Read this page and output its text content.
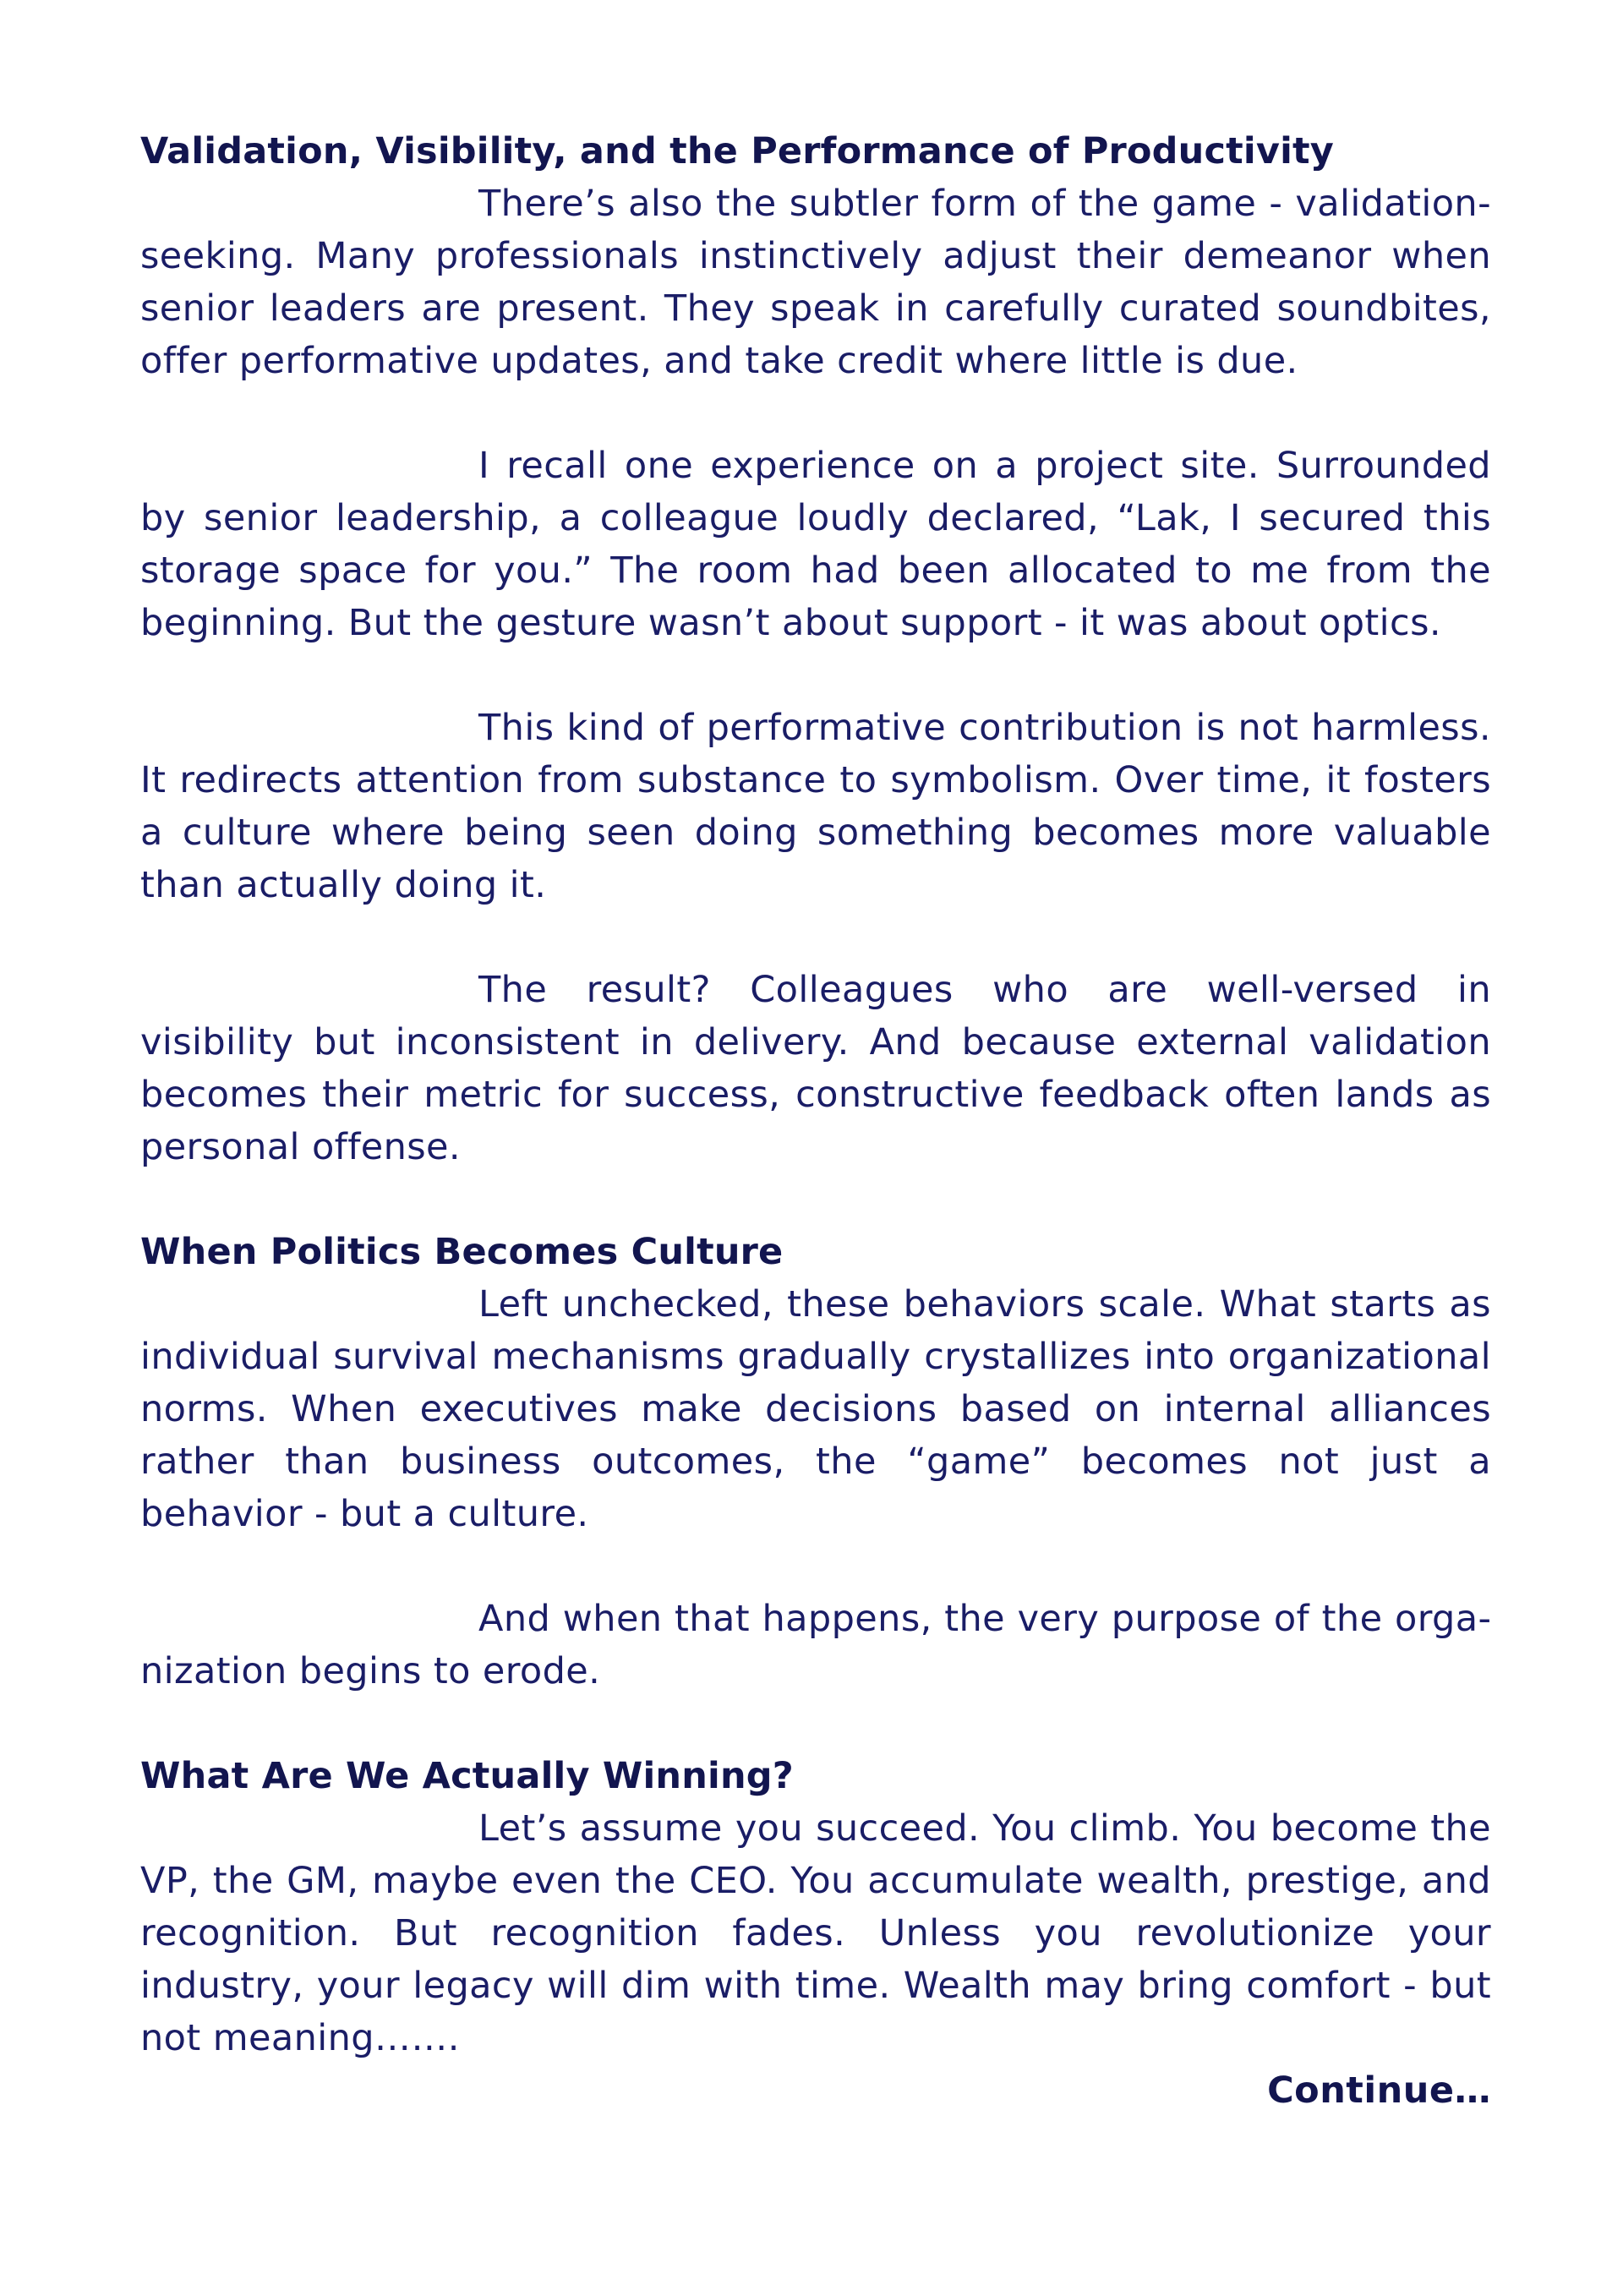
Validation, Visibility, and the Performance of Productivity

There’s also the subtler form of the game - validation-seeking. Many professionals instinctively adjust their demeanor when senior leaders are present. They speak in carefully curated soundbites, offer performative updates, and take credit where little is due.

I recall one experience on a project site. Surrounded by senior leadership, a colleague loudly declared, “Lak, I secured this storage space for you.” The room had been allocated to me from the beginning. But the gesture wasn’t about support - it was about optics.

This kind of performative contribution is not harmless. It redirects attention from substance to symbolism. Over time, it fosters a culture where being seen doing something becomes more valuable than actually doing it.

The result? Colleagues who are well-versed in visibility but inconsistent in delivery. And because external validation becomes their metric for success, constructive feedback often lands as personal offense.

When Politics Becomes Culture

Left unchecked, these behaviors scale. What starts as individual survival mechanisms gradually crystallizes into organizational norms. When executives make decisions based on internal alliances rather than business outcomes, the “game” becomes not just a behavior - but a culture.

And when that happens, the very purpose of the organization begins to erode.

What Are We Actually Winning?

Let’s assume you succeed. You climb. You become the VP, the GM, maybe even the CEO. You accumulate wealth, prestige, and recognition. But recognition fades. Unless you revolutionize your industry, your legacy will dim with time. Wealth may bring comfort - but not meaning…….

Continue…
